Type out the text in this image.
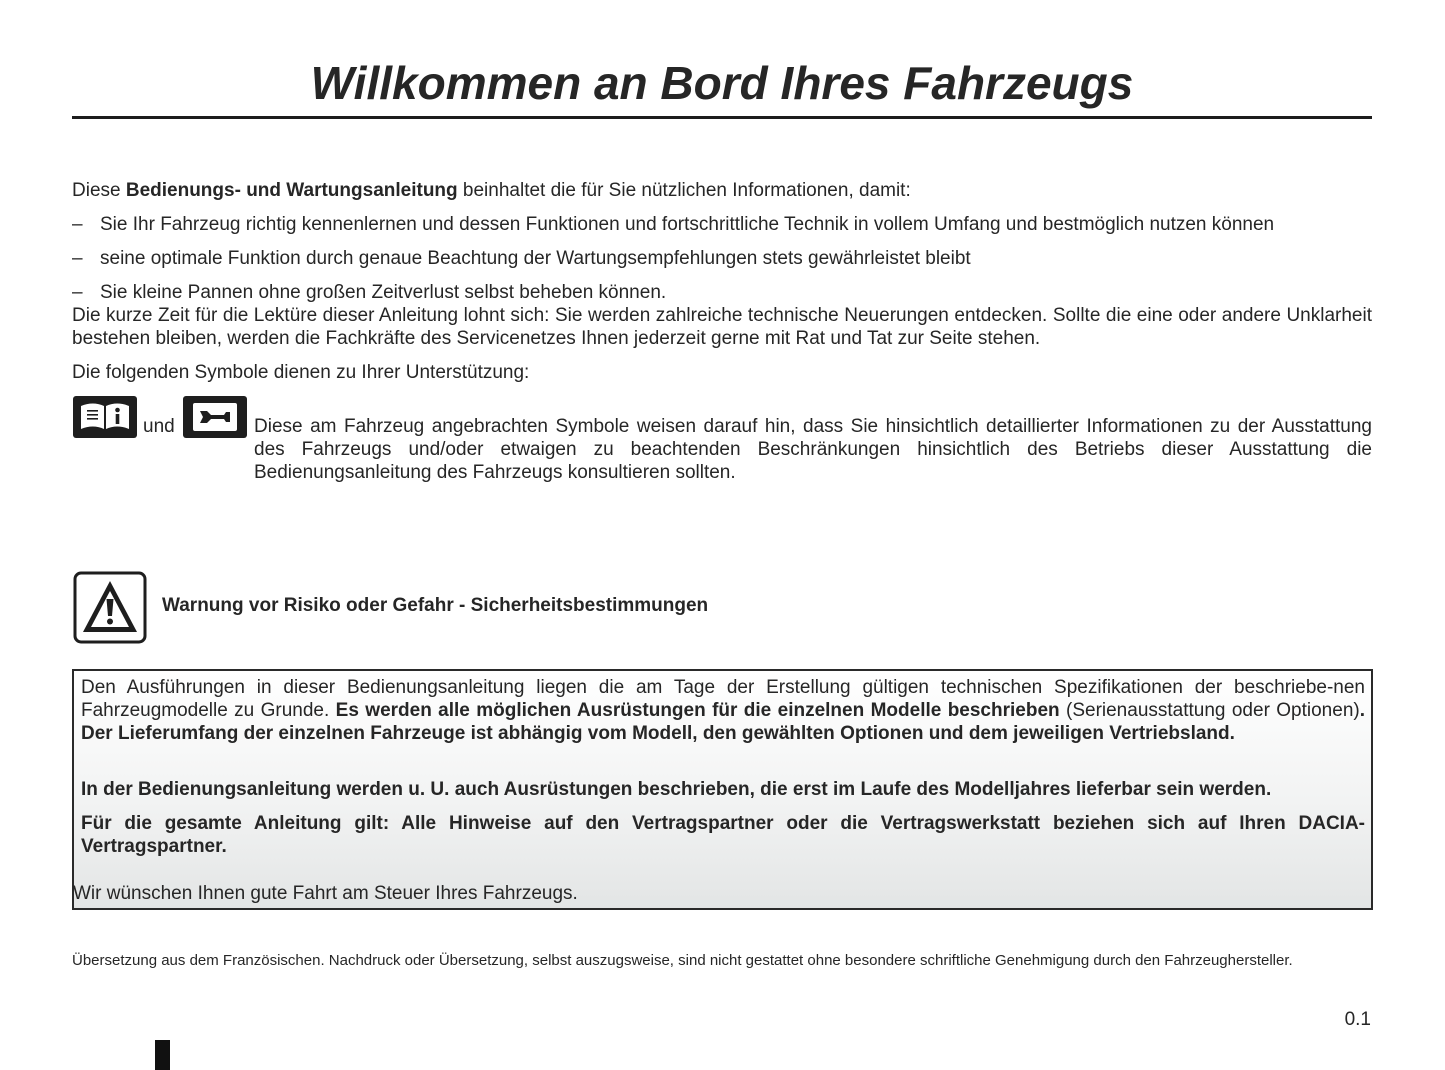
Willkommen an Bord Ihres Fahrzeugs
Diese Bedienungs- und Wartungsanleitung beinhaltet die für Sie nützlichen Informationen, damit:
– Sie Ihr Fahrzeug richtig kennenlernen und dessen Funktionen und fortschrittliche Technik in vollem Umfang und bestmöglich nutzen können
– seine optimale Funktion durch genaue Beachtung der Wartungsempfehlungen stets gewährleistet bleibt
– Sie kleine Pannen ohne großen Zeitverlust selbst beheben können.
Die kurze Zeit für die Lektüre dieser Anleitung lohnt sich: Sie werden zahlreiche technische Neuerungen entdecken. Sollte die eine oder andere Unklarheit bestehen bleiben, werden die Fachkräfte des Servicenetzes Ihnen jederzeit gerne mit Rat und Tat zur Seite stehen.
Die folgenden Symbole dienen zu Ihrer Unterstützung:
und	Diese am Fahrzeug angebrachten Symbole weisen darauf hin, dass Sie hinsichtlich detaillierter Informationen zu der Ausstattung des Fahrzeugs und/oder etwaigen zu beachtenden Beschränkungen hinsichtlich des Betriebs dieser Ausstattung die Bedienungsanleitung des Fahrzeugs konsultieren sollten.
Warnung vor Risiko oder Gefahr - Sicherheitsbestimmungen
Den Ausführungen in dieser Bedienungsanleitung liegen die am Tage der Erstellung gültigen technischen Spezifikationen der beschriebe-nen Fahrzeugmodelle zu Grunde. Es werden alle möglichen Ausrüstungen für die einzelnen Modelle beschrieben (Serienausstattung oder Optionen). Der Lieferumfang der einzelnen Fahrzeuge ist abhängig vom Modell, den gewählten Optionen und dem jeweiligen Vertriebsland.
In der Bedienungsanleitung werden u. U. auch Ausrüstungen beschrieben, die erst im Laufe des Modelljahres lieferbar sein werden.
Für die gesamte Anleitung gilt: Alle Hinweise auf den Vertragspartner oder die Vertragswerkstatt beziehen sich auf Ihren DACIA-Vertragspartner.
Wir wünschen Ihnen gute Fahrt am Steuer Ihres Fahrzeugs.
Übersetzung aus dem Französischen. Nachdruck oder Übersetzung, selbst auszugsweise, sind nicht gestattet ohne besondere schriftliche Genehmigung durch den Fahrzeughersteller.
0.1
